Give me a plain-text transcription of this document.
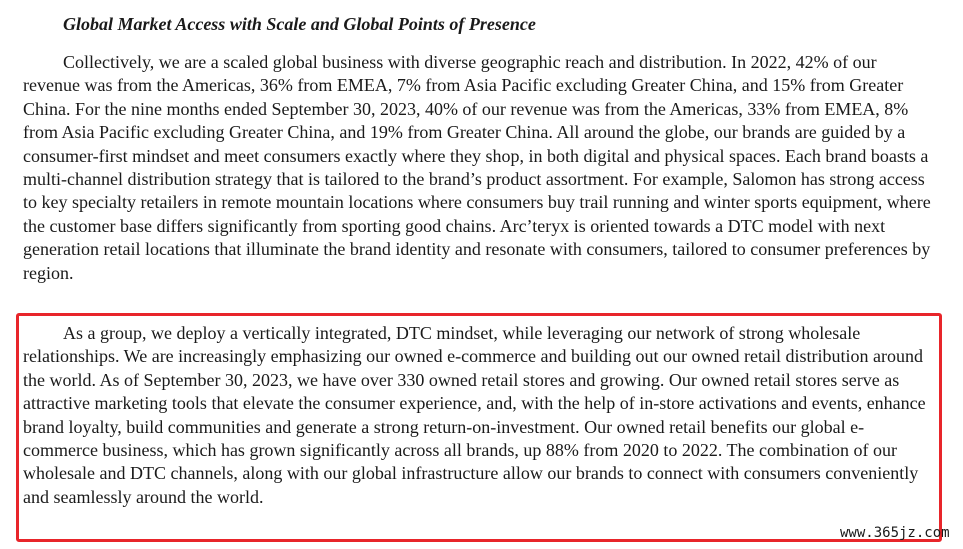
Global Market Access with Scale and Global Points of Presence

Collectively, we are a scaled global business with diverse geographic reach and distribution. In 2022, 42% of our revenue was from the Americas, 36% from EMEA, 7% from Asia Pacific excluding Greater China, and 15% from Greater China. For the nine months ended September 30, 2023, 40% of our revenue was from the Americas, 33% from EMEA, 8% from Asia Pacific excluding Greater China, and 19% from Greater China. All around the globe, our brands are guided by a consumer-first mindset and meet consumers exactly where they shop, in both digital and physical spaces. Each brand boasts a multi-channel distribution strategy that is tailored to the brand’s product assortment. For example, Salomon has strong access to key specialty retailers in remote mountain locations where consumers buy trail running and winter sports equipment, where the customer base differs significantly from sporting good chains. Arc’teryx is oriented towards a DTC model with next generation retail locations that illuminate the brand identity and resonate with consumers, tailored to consumer preferences by region.

As a group, we deploy a vertically integrated, DTC mindset, while leveraging our network of strong wholesale relationships. We are increasingly emphasizing our owned e-commerce and building out our owned retail distribution around the world. As of September 30, 2023, we have over 330 owned retail stores and growing. Our owned retail stores serve as attractive marketing tools that elevate the consumer experience, and, with the help of in-store activations and events, enhance brand loyalty, build communities and generate a strong return-on-investment. Our owned retail benefits our global e-commerce business, which has grown significantly across all brands, up 88% from 2020 to 2022. The combination of our wholesale and DTC channels, along with our global infrastructure allow our brands to connect with consumers conveniently and seamlessly around the world.

www.365jz.com
